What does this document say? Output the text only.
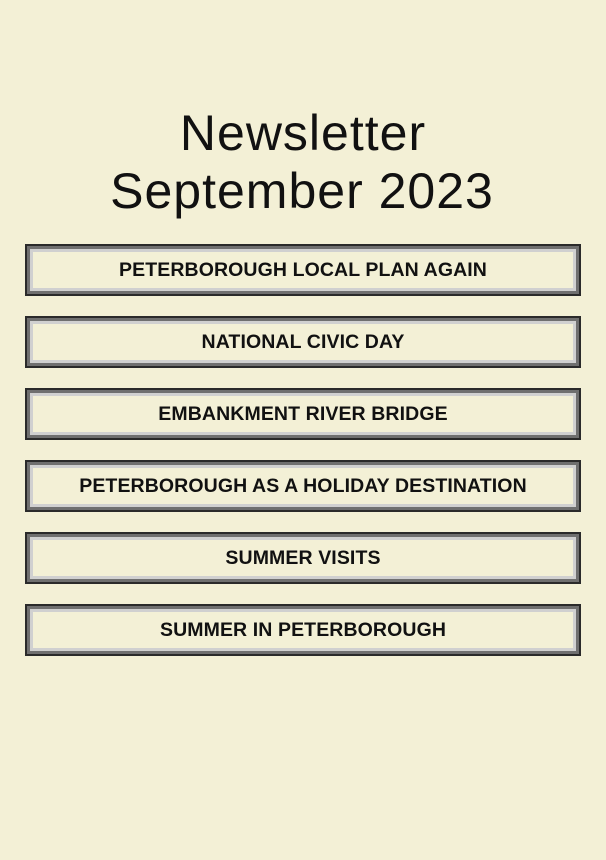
Newsletter
September 2023
PETERBOROUGH LOCAL PLAN AGAIN
NATIONAL CIVIC DAY
EMBANKMENT RIVER BRIDGE
PETERBOROUGH AS A HOLIDAY DESTINATION
SUMMER VISITS
SUMMER IN PETERBOROUGH
